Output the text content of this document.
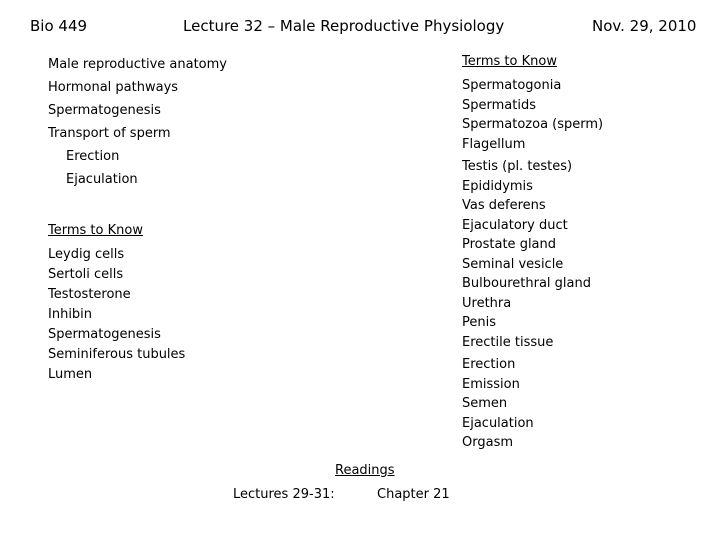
Bio 449	Lecture 32 – Male Reproductive Physiology	Nov. 29, 2010
Male reproductive anatomy
Hormonal pathways
Spermatogenesis
Transport of sperm
Erection
Ejaculation
Terms to Know
Leydig cells
Sertoli cells
Testosterone
Inhibin
Spermatogenesis
Seminiferous tubules
Lumen
Terms to Know
Spermatogonia
Spermatids
Spermatozoa (sperm)
Flagellum
Testis (pl. testes)
Epididymis
Vas deferens
Ejaculatory duct
Prostate gland
Seminal vesicle
Bulbourethral gland
Urethra
Penis
Erectile tissue
Erection
Emission
Semen
Ejaculation
Orgasm
Readings
Lectures 29-31:	Chapter 21
